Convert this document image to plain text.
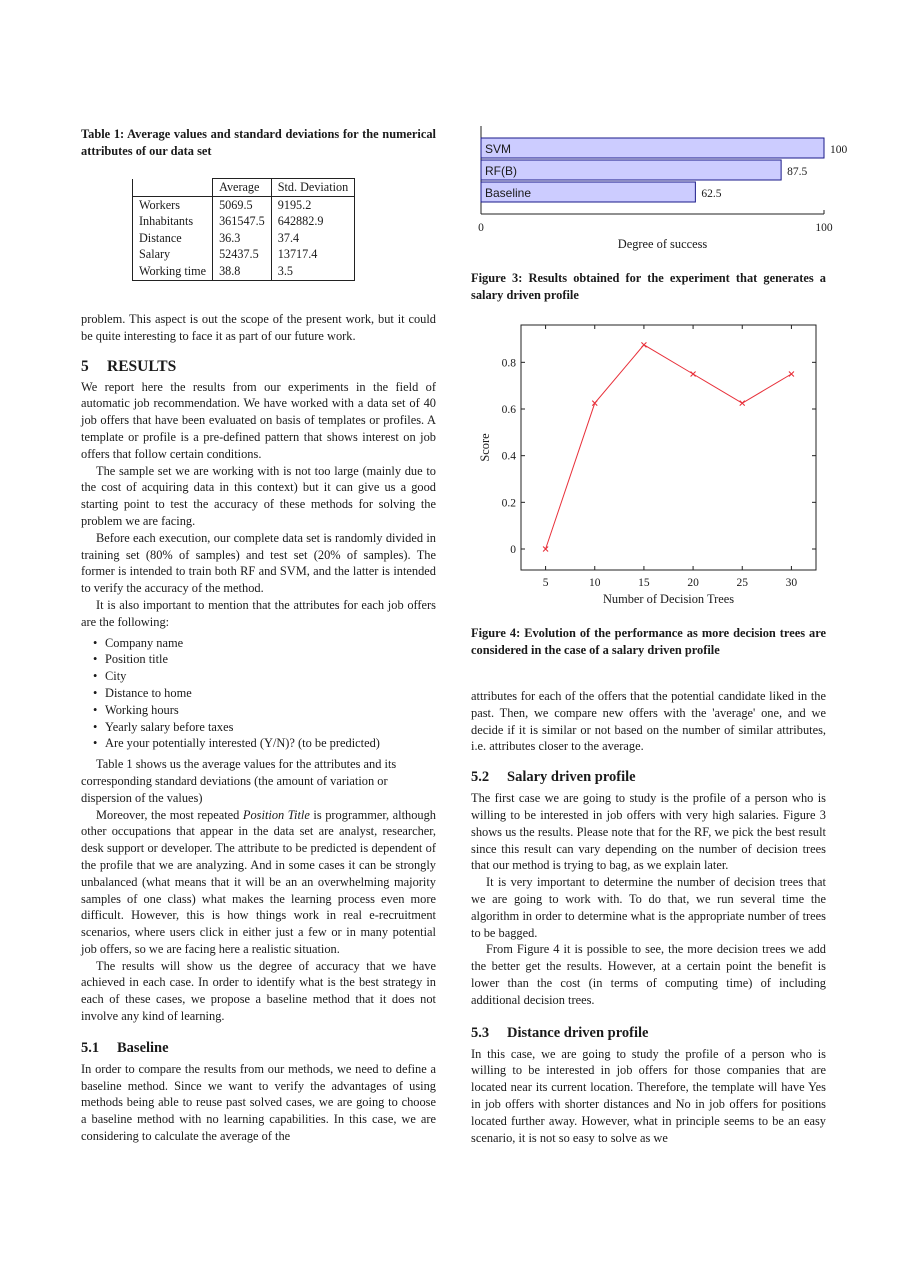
Table 1: Average values and standard deviations for the numerical attributes of our data set

	Average	Std. Deviation
Workers	5069.5	9195.2
Inhabitants	361547.5	642882.9
Distance	36.3	37.4
Salary	52437.5	13717.4
Working time	38.8	3.5

problem. This aspect is out the scope of the present work, but it could be quite interesting to face it as part of our future work.

5 RESULTS

We report here the results from our experiments in the field of automatic job recommendation. We have worked with a data set of 40 job offers that have been evaluated on basis of templates or profiles. A template or profile is a pre-defined pattern that shows interest on job offers that follow certain conditions.

The sample set we are working with is not too large (mainly due to the cost of acquiring data in this context) but it can give us a good starting point to test the accuracy of these methods for solving the problem we are facing.

Before each execution, our complete data set is randomly divided in training set (80% of samples) and test set (20% of samples). The former is intended to train both RF and SVM, and the latter is intended to verify the accuracy of the method.

It is also important to mention that the attributes for each job offers are the following:

• Company name
• Position title
• City
• Distance to home
• Working hours
• Yearly salary before taxes
• Are your potentially interested (Y/N)? (to be predicted)

Table 1 shows us the average values for the attributes and its corresponding standard deviations (the amount of variation or dispersion of the values)

Moreover, the most repeated Position Title is programmer, although other occupations that appear in the data set are analyst, researcher, desk support or developer. The attribute to be predicted is dependent of the profile that we are analyzing. And in some cases it can be strongly unbalanced (what means that it will be an an overwhelming majority samples of one class) what makes the learning process even more difficult. However, this is how things work in real e-recruitment scenarios, where users click in either just a few or in many potential job offers, so we are facing here a realistic situation.

The results will show us the degree of accuracy that we have achieved in each case. In order to identify what is the best strategy in each of these cases, we propose a baseline method that it does not involve any kind of learning.

5.1 Baseline

In order to compare the results from our methods, we need to define a baseline method. Since we want to verify the advantages of using methods being able to reuse past solved cases, we are going to choose a baseline method with no learning capabilities. In this case, we are considering to calculate the average of the

SVM	100
RF(B)	87.5
Baseline	62.5
0	100
Degree of success

Figure 3: Results obtained for the experiment that generates a salary driven profile

0
0.2
0.4
0.6
0.8
5	10	15	20	25	30
Number of Decision Trees
Score

Figure 4: Evolution of the performance as more decision trees are considered in the case of a salary driven profile

attributes for each of the offers that the potential candidate liked in the past. Then, we compare new offers with the 'average' one, and we decide if it is similar or not based on the number of similar attributes, i.e. attributes closer to the average.

5.2 Salary driven profile

The first case we are going to study is the profile of a person who is willing to be interested in job offers with very high salaries. Figure 3 shows us the results. Please note that for the RF, we pick the best result since this result can vary depending on the number of decision trees that our method is trying to bag, as we explain later.

It is very important to determine the number of decision trees that we are going to work with. To do that, we run several time the algorithm in order to determine what is the appropriate number of trees to be bagged.

From Figure 4 it is possible to see, the more decision trees we add the better get the results. However, at a certain point the benefit is lower than the cost (in terms of computing time) of including additional decision trees.

5.3 Distance driven profile

In this case, we are going to study the profile of a person who is willing to be interested in job offers for those companies that are located near its current location. Therefore, the template will have Yes in job offers with shorter distances and No in job offers for positions located further away. However, what in principle seems to be an easy scenario, it is not so easy to solve as we
